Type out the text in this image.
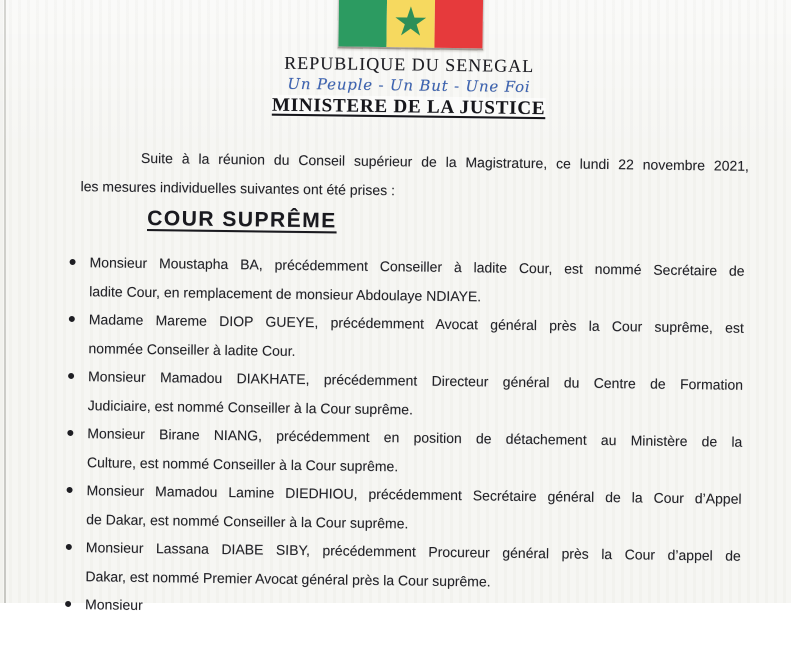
★
REPUBLIQUE DU SENEGAL
Un Peuple - Un But - Une Foi
MINISTERE DE LA JUSTICE
Suite à la réunion du Conseil supérieur de la Magistrature, ce lundi 22 novembre 2021,
les mesures individuelles suivantes ont été prises :
COUR SUPRÊME
Monsieur Moustapha BA, précédemment Conseiller à ladite Cour, est nommé Secrétaire de
ladite Cour, en remplacement de monsieur Abdoulaye NDIAYE.
Madame Mareme DIOP GUEYE, précédemment Avocat général près la Cour suprême, est
nommée Conseiller à ladite Cour.
Monsieur Mamadou DIAKHATE, précédemment Directeur général du Centre de Formation
Judiciaire, est nommé Conseiller à la Cour suprême.
Monsieur Birane NIANG, précédemment en position de détachement au Ministère de la
Culture, est nommé Conseiller à la Cour suprême.
Monsieur Mamadou Lamine DIEDHIOU, précédemment Secrétaire général de la Cour d’Appel
de Dakar, est nommé Conseiller à la Cour suprême.
Monsieur Lassana DIABE SIBY, précédemment Procureur général près la Cour d’appel de
Dakar, est nommé Premier Avocat général près la Cour suprême.
Monsieur
